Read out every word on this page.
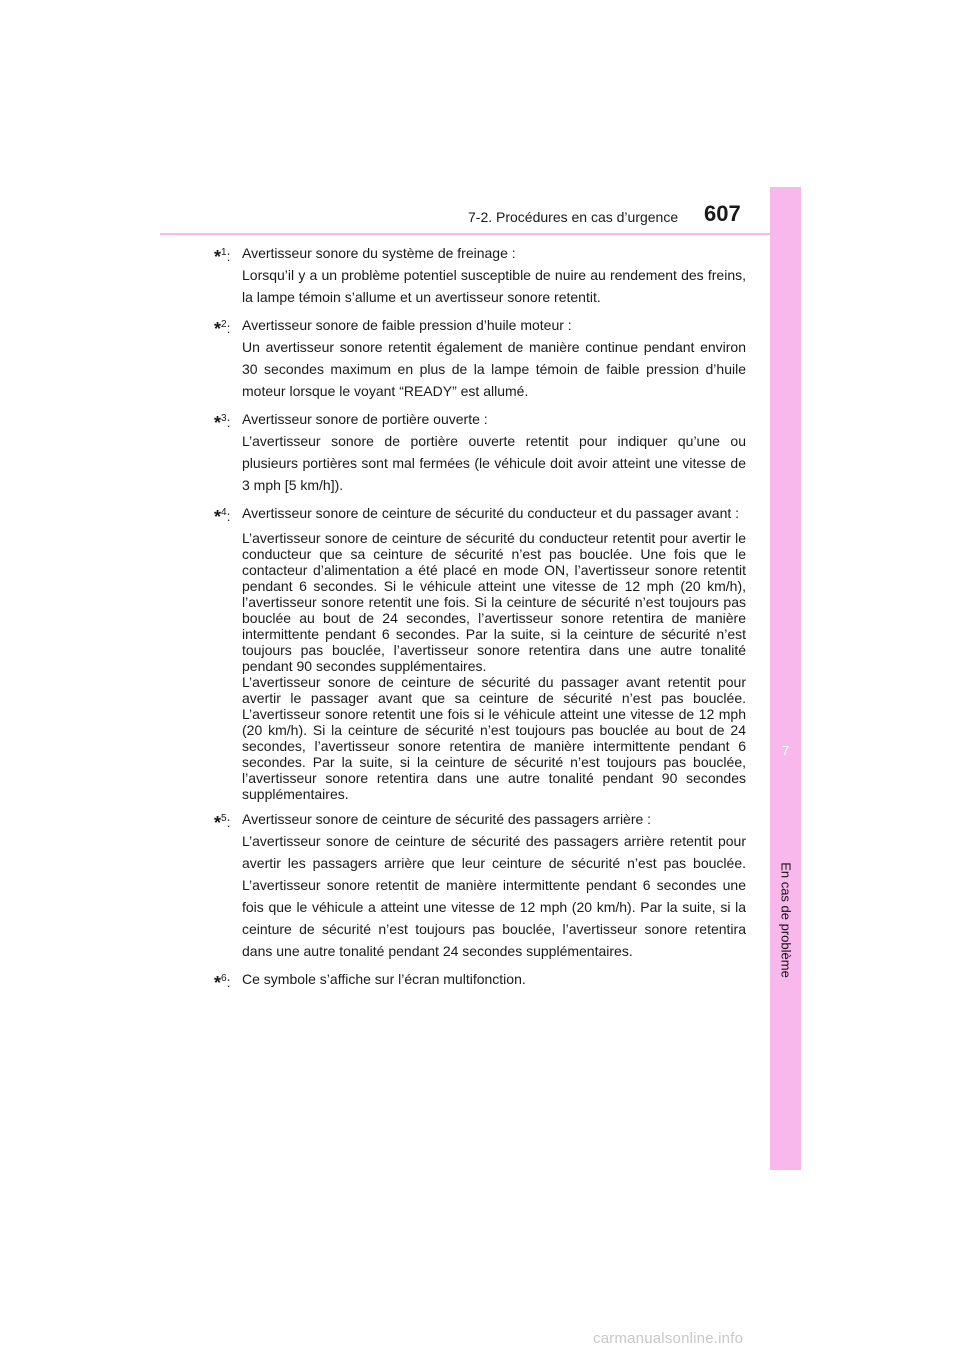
7
En cas de problème
7-2. Procédures en cas d’urgence 607
*$^1$: Avertisseur sonore du système de freinage :
Lorsqu’il y a un problème potentiel susceptible de nuire au rendement des freins, la lampe témoin s’allume et un avertisseur sonore retentit.
*$^2$: Avertisseur sonore de faible pression d’huile moteur :
Un avertisseur sonore retentit également de manière continue pendant environ 30 secondes maximum en plus de la lampe témoin de faible pression d’huile moteur lorsque le voyant “READY” est allumé.
*$^3$: Avertisseur sonore de portière ouverte :
L’avertisseur sonore de portière ouverte retentit pour indiquer qu’une ou plusieurs portières sont mal fermées (le véhicule doit avoir atteint une vitesse de 3 mph [5 km/h]).
*$^4$: Avertisseur sonore de ceinture de sécurité du conducteur et du passager avant :
L’avertisseur sonore de ceinture de sécurité du conducteur retentit pour avertir le conducteur que sa ceinture de sécurité n’est pas bouclée. Une fois que le contacteur d’alimentation a été placé en mode ON, l’avertisseur sonore retentit pendant 6 secondes. Si le véhicule atteint une vitesse de 12 mph (20 km/h), l’avertisseur sonore retentit une fois. Si la ceinture de sécurité n’est toujours pas bouclée au bout de 24 secondes, l’avertisseur sonore retentira de manière intermittente pendant 6 secondes. Par la suite, si la ceinture de sécurité n’est toujours pas bouclée, l’avertisseur sonore retentira dans une autre tonalité pendant 90 secondes supplémentaires.
L’avertisseur sonore de ceinture de sécurité du passager avant retentit pour avertir le passager avant que sa ceinture de sécurité n’est pas bouclée. L’avertisseur sonore retentit une fois si le véhicule atteint une vitesse de 12 mph (20 km/h). Si la ceinture de sécurité n’est toujours pas bouclée au bout de 24 secondes, l’avertisseur sonore retentira de manière intermittente pendant 6 secondes. Par la suite, si la ceinture de sécurité n’est toujours pas bouclée, l’avertisseur sonore retentira dans une autre tonalité pendant 90 secondes supplémentaires.
*$^5$: Avertisseur sonore de ceinture de sécurité des passagers arrière :
L’avertisseur sonore de ceinture de sécurité des passagers arrière retentit pour avertir les passagers arrière que leur ceinture de sécurité n’est pas bouclée. L’avertisseur sonore retentit de manière intermittente pendant 6 secondes une fois que le véhicule a atteint une vitesse de 12 mph (20 km/h). Par la suite, si la ceinture de sécurité n’est toujours pas bouclée, l’avertisseur sonore retentira dans une autre tonalité pendant 24 secondes supplémentaires.
*$^6$: Ce symbole s’affiche sur l’écran multifonction.
carmanualsonline.info
